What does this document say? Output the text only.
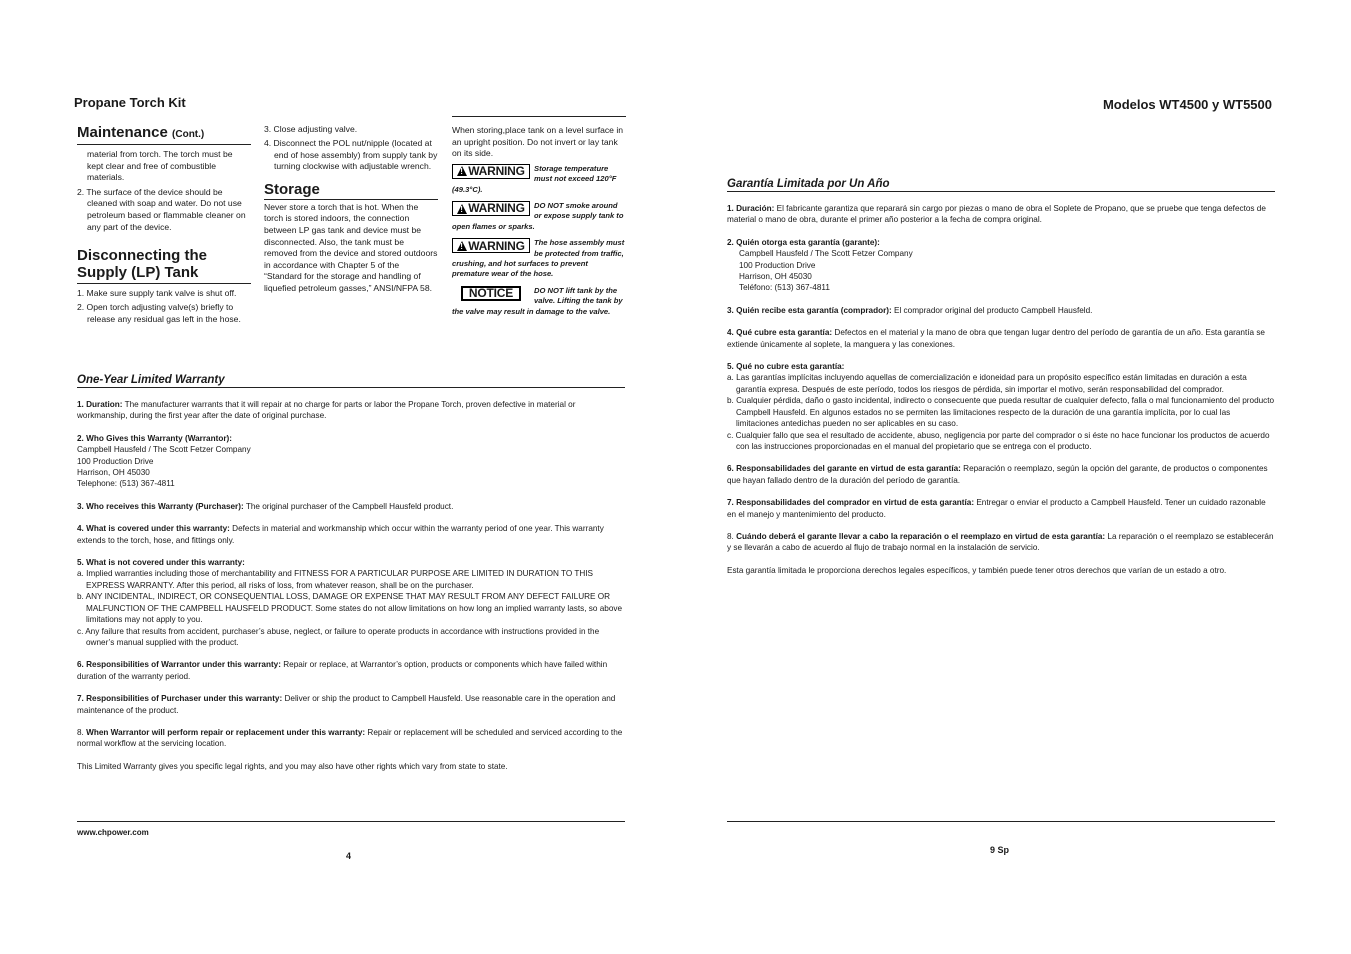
Propane Torch Kit
Maintenance (Cont.)
material from torch. The torch must be kept clear and free of combustible materials.
2. The surface of the device should be cleaned with soap and water. Do not use petroleum based or flammable cleaner on any part of the device.
Disconnecting the Supply (LP) Tank
1. Make sure supply tank valve is shut off.
2. Open torch adjusting valve(s) briefly to release any residual gas left in the hose.
3. Close adjusting valve.
4. Disconnect the POL nut/nipple (located at end of hose assembly) from supply tank by turning clockwise with adjustable wrench.
Storage
Never store a torch that is hot. When the torch is stored indoors, the connection between LP gas tank and device must be disconnected. Also, the tank must be removed from the device and stored outdoors in accordance with Chapter 5 of the “Standard for the storage and handling of liquefied petroleum gasses,” ANSI/NFPA 58.
When storing,place tank on a level surface in an upright position. Do not invert or lay tank on its side.
!
WARNING Storage temperature must not exceed 120°F (49.3°C).
!
WARNING DO NOT smoke around or expose supply tank to open flames or sparks.
!
WARNING The hose assembly must be protected from traffic, crushing, and hot surfaces to prevent premature wear of the hose.
NOTICE	DO NOT lift tank by the valve. Lifting the tank by the valve may result in damage to the valve.
One-Year Limited Warranty
1. Duration: The manufacturer warrants that it will repair at no charge for parts or labor the Propane Torch, proven defective in material or workmanship, during the first year after the date of original purchase.
2. Who Gives this Warranty (Warrantor):
Campbell Hausfeld / The Scott Fetzer Company
100 Production Drive
Harrison, OH 45030
Telephone: (513) 367-4811
3. Who receives this Warranty (Purchaser): The original purchaser of the Campbell Hausfeld product.
4. What is covered under this warranty: Defects in material and workmanship which occur within the warranty period of one year. This warranty extends to the torch, hose, and fittings only.
5. What is not covered under this warranty:
a. Implied warranties including those of merchantability and FITNESS FOR A PARTICULAR PURPOSE ARE LIMITED IN DURATION TO THIS EXPRESS WARRANTY. After this period, all risks of loss, from whatever reason, shall be on the purchaser.
b. ANY INCIDENTAL, INDIRECT, OR CONSEQUENTIAL LOSS, DAMAGE OR EXPENSE THAT MAY RESULT FROM ANY DEFECT FAILURE OR MALFUNCTION OF THE CAMPBELL HAUSFELD PRODUCT. Some states do not allow limitations on how long an implied warranty lasts, so above limitations may not apply to you.
c. Any failure that results from accident, purchaser’s abuse, neglect, or failure to operate products in accordance with instructions provided in the owner’s manual supplied with the product.
6. Responsibilities of Warrantor under this warranty: Repair or replace, at Warrantor’s option, products or components which have failed within duration of the warranty period.
7. Responsibilities of Purchaser under this warranty: Deliver or ship the product to Campbell Hausfeld. Use reasonable care in the operation and maintenance of the product.
8. When Warrantor will perform repair or replacement under this warranty: Repair or replacement will be scheduled and serviced according to the normal workflow at the servicing location.
This Limited Warranty gives you specific legal rights, and you may also have other rights which vary from state to state.
www.chpower.com
4
Modelos WT4500 y WT5500
Garantía Limitada por Un Año
1. Duración: El fabricante garantiza que reparará sin cargo por piezas o mano de obra el Soplete de Propano, que se pruebe que tenga defectos de material o mano de obra, durante el primer año posterior a la fecha de compra original.
2. Quién otorga esta garantía (garante):
Campbell Hausfeld / The Scott Fetzer Company
100 Production Drive
Harrison, OH 45030
Teléfono: (513) 367-4811
3. Quién recibe esta garantía (comprador): El comprador original del producto Campbell Hausfeld.
4. Qué cubre esta garantía: Defectos en el material y la mano de obra que tengan lugar dentro del período de garantía de un año. Esta garantía se extiende únicamente al soplete, la manguera y las conexiones.
5. Qué no cubre esta garantía:
a. Las garantías implícitas incluyendo aquellas de comercialización e idoneidad para un propósito específico están limitadas en duración a esta garantía expresa. Después de este período, todos los riesgos de pérdida, sin importar el motivo, serán responsabilidad del comprador.
b. Cualquier pérdida, daño o gasto incidental, indirecto o consecuente que pueda resultar de cualquier defecto, falla o mal funcionamiento del producto Campbell Hausfeld. En algunos estados no se permiten las limitaciones respecto de la duración de una garantía implícita, por lo cual las limitaciones antedichas pueden no ser aplicables en su caso.
c. Cualquier fallo que sea el resultado de accidente, abuso, negligencia por parte del comprador o si éste no hace funcionar los productos de acuerdo con las instrucciones proporcionadas en el manual del propietario que se entrega con el producto.
6. Responsabilidades del garante en virtud de esta garantía: Reparación o reemplazo, según la opción del garante, de productos o componentes que hayan fallado dentro de la duración del período de garantía.
7. Responsabilidades del comprador en virtud de esta garantía: Entregar o enviar el producto a Campbell Hausfeld. Tener un cuidado razonable en el manejo y mantenimiento del producto.
8. Cuándo deberá el garante llevar a cabo la reparación o el reemplazo en virtud de esta garantía: La reparación o el reemplazo se establecerán y se llevarán a cabo de acuerdo al flujo de trabajo normal en la instalación de servicio.
Esta garantía limitada le proporciona derechos legales específicos, y también puede tener otros derechos que varían de un estado a otro.
9 Sp
